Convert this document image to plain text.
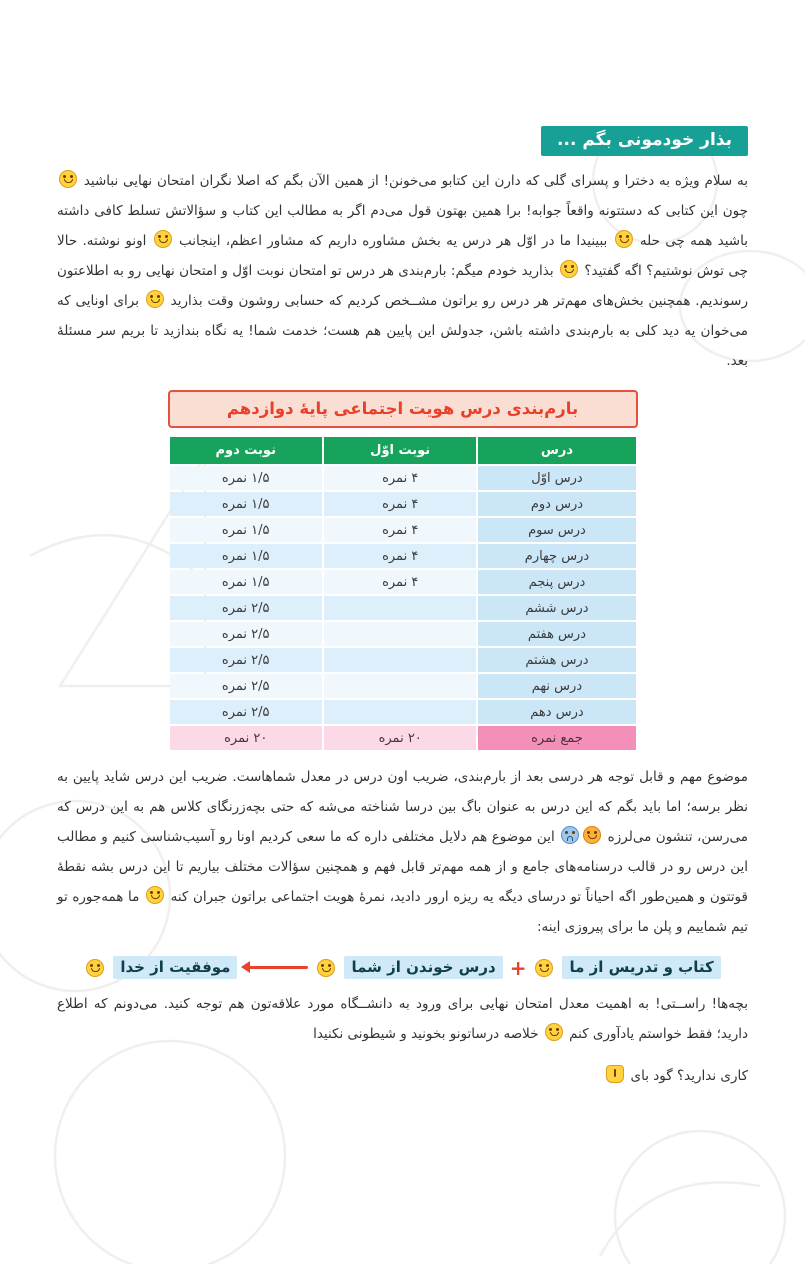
بذار خودمونی بگم ...

به سلام ویژه به دخترا و پسرای گلی که دارن این کتابو می‌خونن! از همین الآن بگم که اصلا نگران امتحان نهایی نباشید  چون این کتابی که دستتونه واقعاً جوابه! برا همین بهتون قول می‌دم اگر به مطالب این کتاب و سؤالاتش تسلط کافی داشته باشید همه چی حله  ببینیدا ما در اوّل هر درس یه بخش مشاوره داریم که مشاور اعظم، اینجانب  اونو نوشته. حالا چی توش نوشتیم؟ اگه گفتید؟  بذارید خودم میگم: بارم‌بندی هر درس تو امتحان نوبت اوّل و امتحان نهایی رو به اطلاعتون رسوندیم. همچنین بخش‌های مهم‌تر هر درس رو براتون مشــخص کردیم که حسابی روشون وقت بذارید  برای اونایی که می‌خوان یه دید کلی به بارم‌بندی داشته باشن، جدولش این پایین هم هست؛ خدمت شما! یه نگاه بندازید تا بریم سر مسئلهٔ بعد.

بارم‌بندی درس هویت اجتماعی پایهٔ دوازدهم
درس	نوبت اوّل	نوبت دوم
درس اوّل	۴ نمره	۱/۵ نمره
درس دوم	۴ نمره	۱/۵ نمره
درس سوم	۴ نمره	۱/۵ نمره
درس چهارم	۴ نمره	۱/۵ نمره
درس پنجم	۴ نمره	۱/۵ نمره
درس ششم		۲/۵ نمره
درس هفتم		۲/۵ نمره
درس هشتم		۲/۵ نمره
درس نهم		۲/۵ نمره
درس دهم		۲/۵ نمره
جمع نمره	۲۰ نمره	۲۰ نمره

موضوع مهم و قابل توجه هر درسی بعد از بارم‌بندی، ضریب اون درس در معدل شماهاست. ضریب این درس شاید پایین به نظر برسه؛ اما باید بگم که این درس به عنوان باگ بین درسا شناخته می‌شه که حتی بچه‌زرنگای کلاس هم به این درس که می‌رسن، تنشون می‌لرزه  این موضوع هم دلایل مختلفی داره که ما سعی کردیم اونا رو آسیب‌شناسی کنیم و مطالب این درس رو در قالب درسنامه‌های جامع و از همه مهم‌تر قابل فهم و همچنین سؤالات مختلف بیاریم تا این درس بشه نقطهٔ قوتتون و همین‌طور اگه احیاناً تو درسای دیگه یه ریزه ارور دادید، نمرهٔ هویت اجتماعی براتون جبران کنه  ما همه‌جوره تو تیم شماییم و پلن ما برای پیروزی اینه:

کتاب و تدریس از ما
+
درس خوندن از شما
موفقیت از خدا

بچه‌ها! راســتی! به اهمیت معدل امتحان نهایی برای ورود به دانشــگاه مورد علاقه‌تون هم توجه کنید. می‌دونم که اطلاع دارید؛ فقط خواستم یادآوری کنم  خلاصه درساتونو بخونید و شیطونی نکنیدا

کاری ندارید؟ گود بای
